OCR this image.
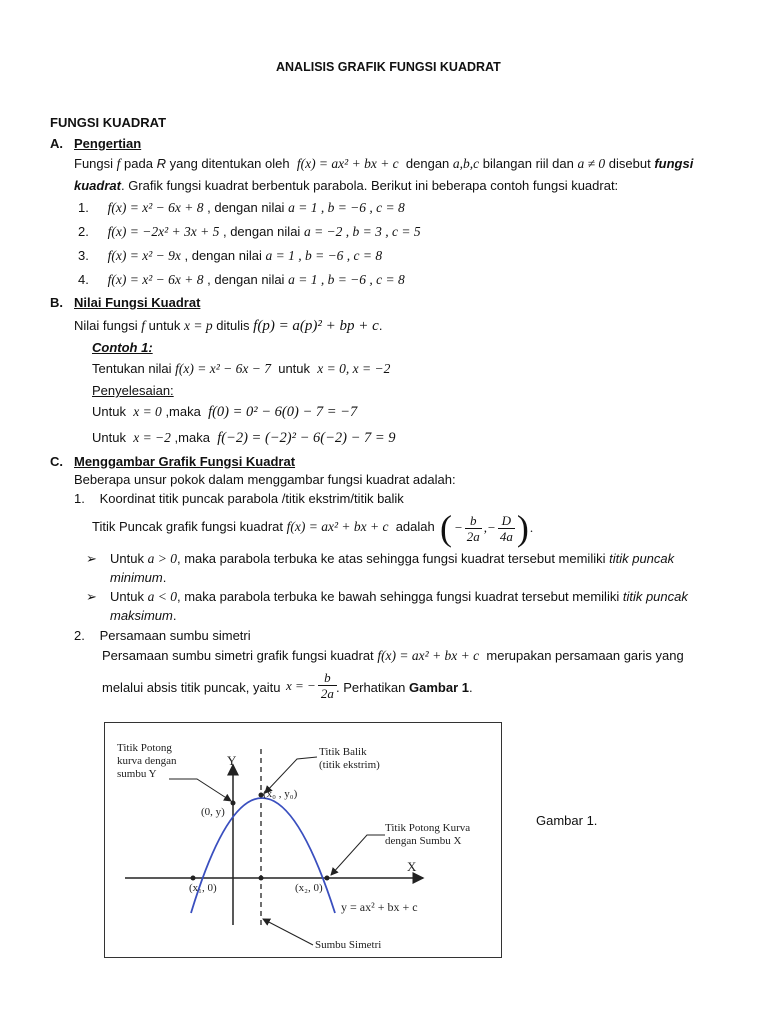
ANALISIS GRAFIK FUNGSI KUADRAT
FUNGSI KUADRAT
A. Pengertian
Fungsi f pada R yang ditentukan oleh f(x) = ax² + bx + c dengan a,b,c bilangan riil dan a ≠ 0 disebut fungsi
kuadrat. Grafik fungsi kuadrat berbentuk parabola. Berikut ini beberapa contoh fungsi kuadrat:
1. f(x) = x² − 6x + 8 , dengan nilai a = 1 , b = −6 , c = 8
2. f(x) = −2x² + 3x + 5 , dengan nilai a = −2 , b = 3 , c = 5
3. f(x) = x² − 9x , dengan nilai a = 1 , b = −6 , c = 8
4. f(x) = x² − 6x + 8 , dengan nilai a = 1 , b = −6 , c = 8
B. Nilai Fungsi Kuadrat
Nilai fungsi f untuk x = p ditulis f(p) = a(p)² + bp + c.
Contoh 1:
Tentukan nilai f(x) = x² − 6x − 7 untuk x = 0, x = −2
Penyelesaian:
Untuk x = 0 ,maka f(0) = 0² − 6(0) − 7 = −7
Untuk x = −2 ,maka f(−2) = (−2)² − 6(−2) − 7 = 9
C. Menggambar Grafik Fungsi Kuadrat
Beberapa unsur pokok dalam menggambar fungsi kuadrat adalah:
1. Koordinat titik puncak parabola /titik ekstrim/titik balik
Titik Puncak grafik fungsi kuadrat f(x) = ax² + bx + c adalah ( − $\frac{b}{2a}$ ,− $\frac{D}{4a}$ ) .
➢ Untuk a > 0, maka parabola terbuka ke atas sehingga fungsi kuadrat tersebut memiliki titik puncak
minimum.
➢ Untuk a < 0, maka parabola terbuka ke bawah sehingga fungsi kuadrat tersebut memiliki titik puncak
maksimum.
2. Persamaan sumbu simetri
Persamaan sumbu simetri grafik fungsi kuadrat f(x) = ax² + bx + c merupakan persamaan garis yang
melalui absis titik puncak, yaitu x = − $\frac{b}{2a}$ . Perhatikan Gambar 1.
Titik Potong
kurva dengan
sumbu Y
Titik Balik
(titik ekstrim)
Titik Potong Kurva
dengan Sumbu X
Y
X
(0, y)
(x₀ , y₀)
(x₁, 0)	(x₂, 0)
y = ax² + bx + c
Sumbu Simetri
Gambar 1.
